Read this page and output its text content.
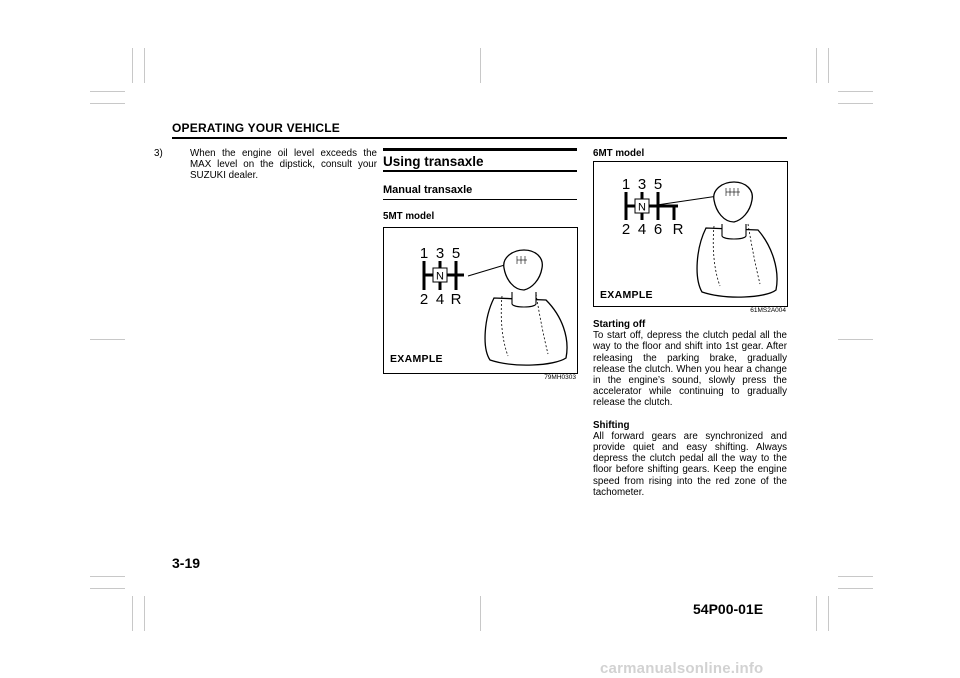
OPERATING YOUR VEHICLE
3)	When the engine oil level exceeds the MAX level on the dipstick, consult your SUZUKI dealer.
Using transaxle
Manual transaxle
5MT model
1 3 5
2 4 R
N
EXAMPLE
79MH0303
6MT model
1 3 5
2 4 6 R
N
EXAMPLE
61MS2A004
Starting off
To start off, depress the clutch pedal all the way to the floor and shift into 1st gear. After releasing the parking brake, gradually release the clutch. When you hear a change in the engine’s sound, slowly press the accelerator while continuing to gradually release the clutch.
Shifting
All forward gears are synchronized and provide quiet and easy shifting. Always depress the clutch pedal all the way to the floor before shifting gears. Keep the engine speed from rising into the red zone of the tachometer.
3-19
54P00-01E
carmanualsonline.info
